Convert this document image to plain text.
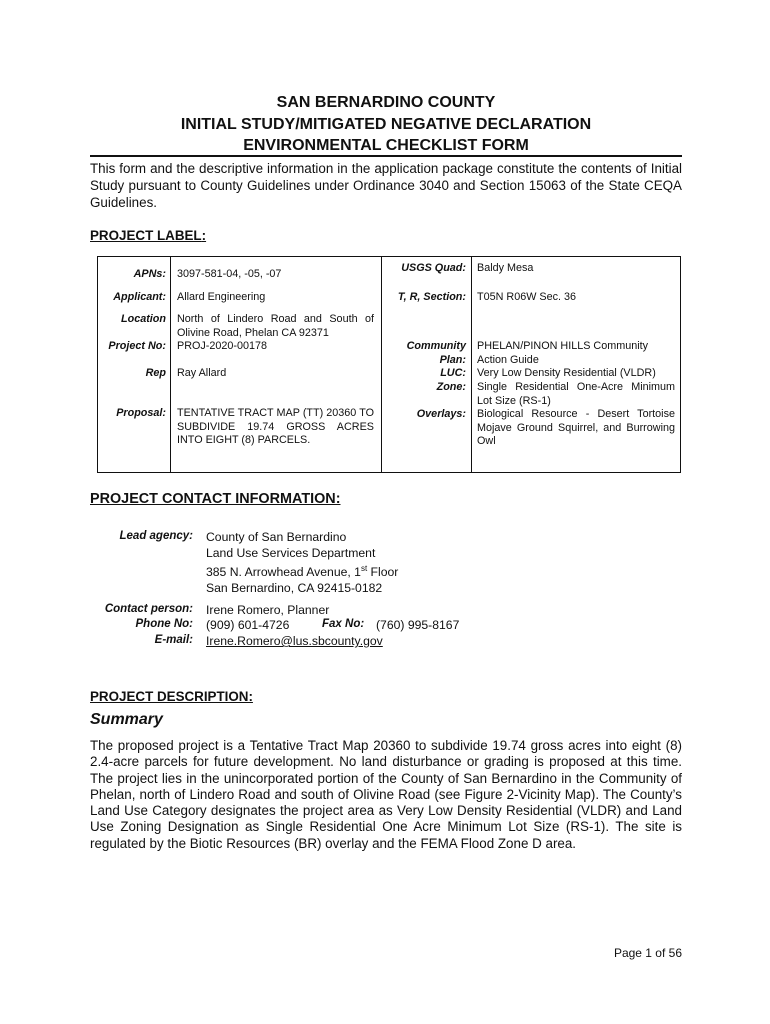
SAN BERNARDINO COUNTY
INITIAL STUDY/MITIGATED NEGATIVE DECLARATION
ENVIRONMENTAL CHECKLIST FORM
This form and the descriptive information in the application package constitute the contents of Initial Study pursuant to County Guidelines under Ordinance 3040 and Section 15063 of the State CEQA Guidelines.
PROJECT LABEL:
APNs:
Applicant:
Location
Project No:
Rep
Proposal:
3097-581-04, -05, -07
Allard Engineering
North of Lindero Road and South of Olivine Road, Phelan CA 92371
PROJ-2020-00178
Ray Allard
TENTATIVE TRACT MAP (TT) 20360 TO SUBDIVIDE 19.74 GROSS ACRES INTO EIGHT (8) PARCELS.
USGS Quad:
T, R, Section:
Community Plan:
LUC:
Zone:
Overlays:
Baldy Mesa
T05N R06W Sec. 36
PHELAN/PINON HILLS Community Action Guide
Very Low Density Residential (VLDR)
Single Residential One-Acre Minimum Lot Size (RS-1)
Biological Resource - Desert Tortoise Mojave Ground Squirrel, and Burrowing Owl
PROJECT CONTACT INFORMATION:
Lead agency: County of San Bernardino
Land Use Services Department
385 N. Arrowhead Avenue, 1st Floor
San Bernardino, CA 92415-0182
Contact person: Irene Romero, Planner
Phone No: (909) 601-4726	Fax No: (760) 995-8167
E-mail: Irene.Romero@lus.sbcounty.gov
PROJECT DESCRIPTION:
Summary
The proposed project is a Tentative Tract Map 20360 to subdivide 19.74 gross acres into eight (8) 2.4-acre parcels for future development. No land disturbance or grading is proposed at this time. The project lies in the unincorporated portion of the County of San Bernardino in the Community of Phelan, north of Lindero Road and south of Olivine Road (see Figure 2-Vicinity Map). The County’s Land Use Category designates the project area as Very Low Density Residential (VLDR) and Land Use Zoning Designation as Single Residential One Acre Minimum Lot Size (RS-1). The site is regulated by the Biotic Resources (BR) overlay and the FEMA Flood Zone D area.
Page 1 of 56
